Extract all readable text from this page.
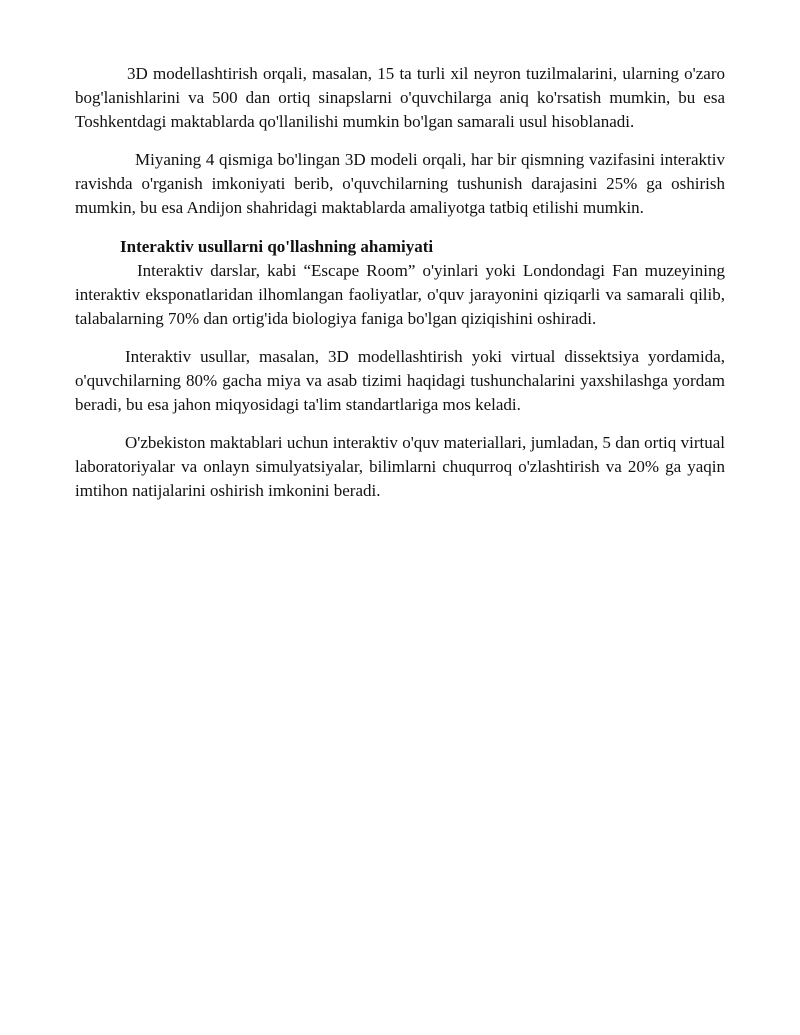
3D modellashtirish orqali, masalan, 15 ta turli xil neyron tuzilmalarini, ularning o'zaro bog'lanishlarini va 500 dan ortiq sinapslarni o'quvchilarga aniq ko'rsatish mumkin, bu esa Toshkentdagi maktablarda qo'llanilishi mumkin bo'lgan samarali usul hisoblanadi.

Miyaning 4 qismiga bo'lingan 3D modeli orqali, har bir qismning vazifasini interaktiv ravishda o'rganish imkoniyati berib, o'quvchilarning tushunish darajasini 25% ga oshirish mumkin, bu esa Andijon shahridagi maktablarda amaliyotga tatbiq etilishi mumkin.

Interaktiv usullarni qo'llashning ahamiyati

Interaktiv darslar, kabi “Escape Room” o'yinlari yoki Londondagi Fan muzeyining interaktiv eksponatlaridan ilhomlangan faoliyatlar, o'quv jarayonini qiziqarli va samarali qilib, talabalarning 70% dan ortig'ida biologiya faniga bo'lgan qiziqishini oshiradi.

Interaktiv usullar, masalan, 3D modellashtirish yoki virtual dissektsiya yordamida, o'quvchilarning 80% gacha miya va asab tizimi haqidagi tushunchalarini yaxshilashga yordam beradi, bu esa jahon miqyosidagi ta'lim standartlariga mos keladi.

O'zbekiston maktablari uchun interaktiv o'quv materiallari, jumladan, 5 dan ortiq virtual laboratoriyalar va onlayn simulyatsiyalar, bilimlarni chuqurroq o'zlashtirish va 20% ga yaqin imtihon natijalarini oshirish imkonini beradi.
